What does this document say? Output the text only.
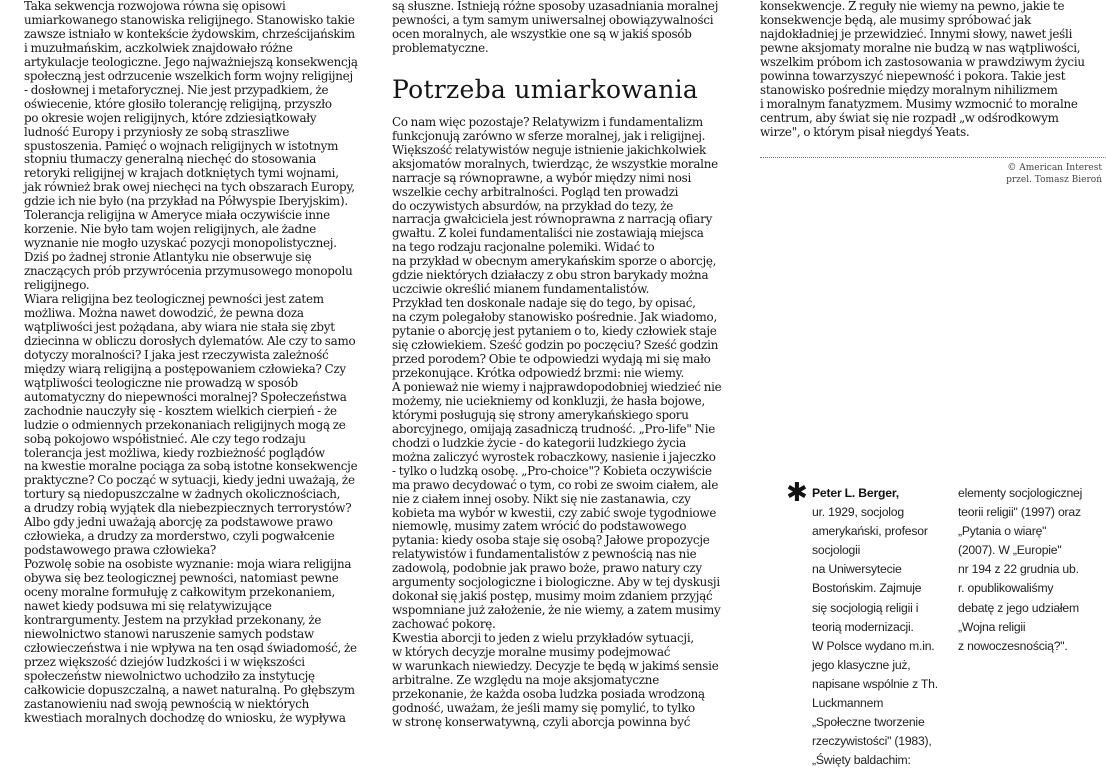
Taka sekwencja rozwojowa równa się opisowi

umiarkowanego stanowiska religijnego. Stanowisko takie

zawsze istniało w kontekście żydowskim, chrześcijańskim

i muzułmańskim, aczkolwiek znajdowało różne

artykulacje teologiczne. Jego najważniejszą konsekwencją

społeczną jest odrzucenie wszelkich form wojny religijnej

- dosłownej i metaforycznej. Nie jest przypadkiem, że

oświecenie, które głosiło tolerancję religijną, przyszło

po okresie wojen religijnych, które zdziesiątkowały

ludność Europy i przyniosły ze sobą straszliwe

spustoszenia. Pamięć o wojnach religijnych w istotnym

stopniu tłumaczy generalną niechęć do stosowania

retoryki religijnej w krajach dotkniętych tymi wojnami,

jak również brak owej niechęci na tych obszarach Europy,

gdzie ich nie było (na przykład na Półwyspie Iberyjskim).

Tolerancja religijna w Ameryce miała oczywiście inne

korzenie. Nie było tam wojen religijnych, ale żadne

wyznanie nie mogło uzyskać pozycji monopolistycznej.

Dziś po żadnej stronie Atlantyku nie obserwuje się

znaczących prób przywrócenia przymusowego monopolu

religijnego.

Wiara religijna bez teologicznej pewności jest zatem

możliwa. Można nawet dowodzić, że pewna doza

wątpliwości jest pożądana, aby wiara nie stała się zbyt

dziecinna w obliczu dorosłych dylematów. Ale czy to samo

dotyczy moralności? I jaka jest rzeczywista zależność

między wiarą religijną a postępowaniem człowieka? Czy

wątpliwości teologiczne nie prowadzą w sposób

automatyczny do niepewności moralnej? Społeczeństwa

zachodnie nauczyły się - kosztem wielkich cierpień - że

ludzie o odmiennych przekonaniach religijnych mogą ze

sobą pokojowo współistnieć. Ale czy tego rodzaju

tolerancja jest możliwa, kiedy rozbieżność poglądów

na kwestie moralne pociąga za sobą istotne konsekwencje

praktyczne? Co począć w sytuacji, kiedy jedni uważają, że

tortury są niedopuszczalne w żadnych okolicznościach,

a drudzy robią wyjątek dla niebezpiecznych terrorystów?

Albo gdy jedni uważają aborcję za podstawowe prawo

człowieka, a drudzy za morderstwo, czyli pogwałcenie

podstawowego prawa człowieka?

Pozwolę sobie na osobiste wyznanie: moja wiara religijna

obywa się bez teologicznej pewności, natomiast pewne

oceny moralne formułuję z całkowitym przekonaniem,

nawet kiedy podsuwa mi się relatywizujące

kontrargumenty. Jestem na przykład przekonany, że

niewolnictwo stanowi naruszenie samych podstaw

człowieczeństwa i nie wpływa na ten osąd świadomość, że

przez większość dziejów ludzkości i w większości

społeczeństw niewolnictwo uchodziło za instytucję

całkowicie dopuszczalną, a nawet naturalną. Po głębszym

zastanowieniu nad swoją pewnością w niektórych

kwestiach moralnych dochodzę do wniosku, że wypływa

są słuszne. Istnieją różne sposoby uzasadniania moralnej

pewności, a tym samym uniwersalnej obowiązywalności

ocen moralnych, ale wszystkie one są w jakiś sposób

problematyczne.

Potrzeba umiarkowania

Co nam więc pozostaje? Relatywizm i fundamentalizm

funkcjonują zarówno w sferze moralnej, jak i religijnej.

Większość relatywistów neguje istnienie jakichkolwiek

aksjomatów moralnych, twierdząc, że wszystkie moralne

narracje są równoprawne, a wybór między nimi nosi

wszelkie cechy arbitralności. Pogląd ten prowadzi

do oczywistych absurdów, na przykład do tezy, że

narracja gwałciciela jest równoprawna z narracją ofiary

gwałtu. Z kolei fundamentaliści nie zostawiają miejsca

na tego rodzaju racjonalne polemiki. Widać to

na przykład w obecnym amerykańskim sporze o aborcję,

gdzie niektórych działaczy z obu stron barykady można

uczciwie określić mianem fundamentalistów.

Przykład ten doskonale nadaje się do tego, by opisać,

na czym polegałoby stanowisko pośrednie. Jak wiadomo,

pytanie o aborcję jest pytaniem o to, kiedy człowiek staje

się człowiekiem. Sześć godzin po poczęciu? Sześć godzin

przed porodem? Obie te odpowiedzi wydają mi się mało

przekonujące. Krótka odpowiedź brzmi: nie wiemy.

A ponieważ nie wiemy i najprawdopodobniej wiedzieć nie

możemy, nie uciekniemy od konkluzji, że hasła bojowe,

którymi posługują się strony amerykańskiego sporu

aborcyjnego, omijają zasadniczą trudność. „Pro-life" Nie

chodzi o ludzkie życie - do kategorii ludzkiego życia

można zaliczyć wyrostek robaczkowy, nasienie i jajeczko

- tylko o ludzką osobę. „Pro-choice"? Kobieta oczywiście

ma prawo decydować o tym, co robi ze swoim ciałem, ale

nie z ciałem innej osoby. Nikt się nie zastanawia, czy

kobieta ma wybór w kwestii, czy zabić swoje tygodniowe

niemowlę, musimy zatem wrócić do podstawowego

pytania: kiedy osoba staje się osobą? Jałowe propozycje

relatywistów i fundamentalistów z pewnością nas nie

zadowolą, podobnie jak prawo boże, prawo natury czy

argumenty socjologiczne i biologiczne. Aby w tej dyskusji

dokonał się jakiś postęp, musimy moim zdaniem przyjąć

wspomniane już założenie, że nie wiemy, a zatem musimy

zachować pokorę.

Kwestia aborcji to jeden z wielu przykładów sytuacji,

w których decyzje moralne musimy podejmować

w warunkach niewiedzy. Decyzje te będą w jakimś sensie

arbitralne. Ze względu na moje aksjomatyczne

przekonanie, że każda osoba ludzka posiada wrodzoną

godność, uważam, że jeśli mamy się pomylić, to tylko

w stronę konserwatywną, czyli aborcja powinna być

konsekwencje. Z reguły nie wiemy na pewno, jakie te

konsekwencje będą, ale musimy spróbować jak

najdokładniej je przewidzieć. Innymi słowy, nawet jeśli

pewne aksjomaty moralne nie budzą w nas wątpliwości,

wszelkim próbom ich zastosowania w prawdziwym życiu

powinna towarzyszyć niepewność i pokora. Takie jest

stanowisko pośrednie między moralnym nihilizmem

i moralnym fanatyzmem. Musimy wzmocnić to moralne

centrum, aby świat się nie rozpadł „w odśrodkowym

wirze", o którym pisał niegdyś Yeats.

© American Interest
przel. Tomasz Bieroń
✱ Peter L. Berger,
ur. 1929, socjolog
amerykański, profesor
socjologii
na Uniwersytecie
Bostońskim. Zajmuje
się socjologią religii i
teorią modernizacji.
W Polsce wydano m.in.
jego klasyczne już,
napisane wspólnie z Th.
Luckmannem
„Społeczne tworzenie
rzeczywistości" (1983),
„Święty baldachim:
elementy socjologicznej
teorii religii" (1997) oraz
„Pytania o wiarę"
(2007). W „Europie"
nr 194 z 22 grudnia ub.
r. opublikowaliśmy
debatę z jego udziałem
„Wojna religii
z nowoczesnością?".
